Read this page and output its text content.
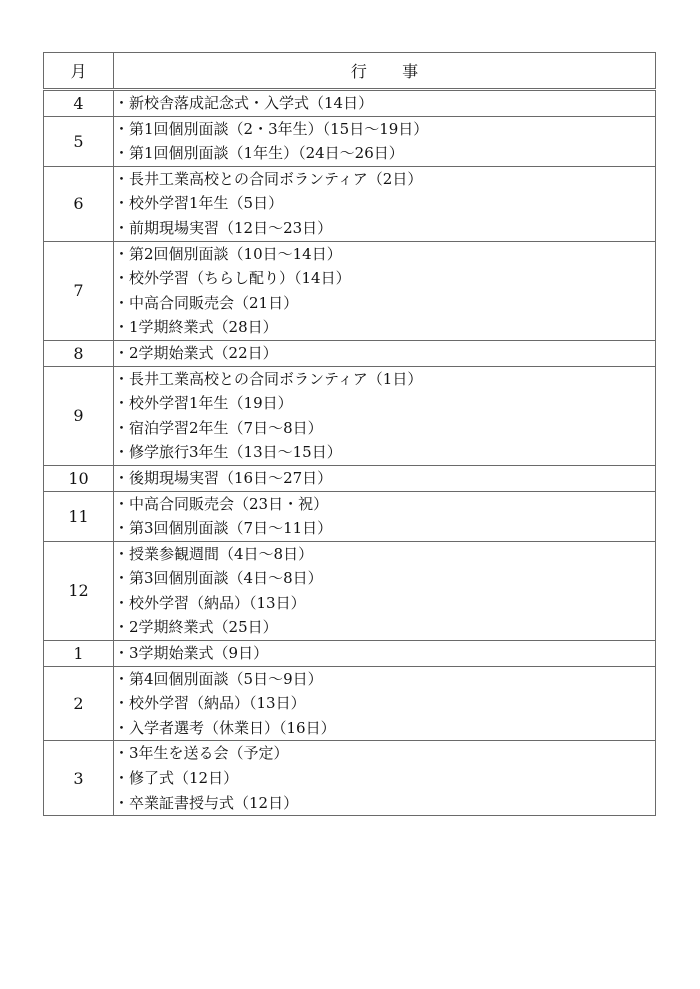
月	行事
4	・新校舎落成記念式・入学式（14日）

5	・第1回個別面談（2・3年生）（15日～19日）
・第1回個別面談（1年生）（24日～26日）

6	・長井工業高校との合同ボランティア（2日）
・校外学習1年生（5日）
・前期現場実習（12日～23日）

7	・第2回個別面談（10日～14日）
・校外学習（ちらし配り）（14日）
・中高合同販売会（21日）
・1学期終業式（28日）

8	・2学期始業式（22日）

9	・長井工業高校との合同ボランティア（1日）
・校外学習1年生（19日）
・宿泊学習2年生（7日～8日）
・修学旅行3年生（13日～15日）

10	・後期現場実習（16日～27日）

11	・中高合同販売会（23日・祝）
・第3回個別面談（7日～11日）

12	・授業参観週間（4日～8日）
・第3回個別面談（4日～8日）
・校外学習（納品）（13日）
・2学期終業式（25日）

1	・3学期始業式（9日）

2	・第4回個別面談（5日～9日）
・校外学習（納品）（13日）
・入学者選考（休業日）（16日）

3	・3年生を送る会（予定）
・修了式（12日）
・卒業証書授与式（12日）
